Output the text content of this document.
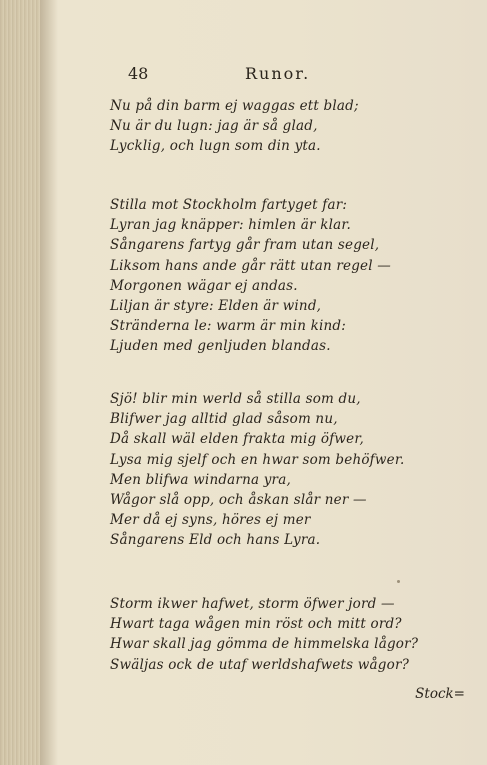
48	Runor.
Nu på din barm ej waggas ett blad;
Nu är du lugn: jag är så glad,
Lycklig, och lugn som din yta.
Stilla mot Stockholm fartyget far:
Lyran jag knäpper: himlen är klar.
Sångarens fartyg går fram utan segel,
Liksom hans ande går rätt utan regel —
Morgonen wägar ej andas.
Liljan är styre: Elden är wind,
Stränderna le: warm är min kind:
Ljuden med genljuden blandas.
Sjö! blir min werld så stilla som du,
Blifwer jag alltid glad såsom nu,
Då skall wäl elden frakta mig öfwer,
Lysa mig sjelf och en hwar som behöfwer.
Men blifwa windarna yra,
Wågor slå opp, och åskan slår ner —
Mer då ej syns, höres ej mer
Sångarens Eld och hans Lyra.
Storm ikwer hafwet, storm öfwer jord —
Hwart taga wågen min röst och mitt ord?
Hwar skall jag gömma de himmelska lågor?
Swäljas ock de utaf werldshafwets wågor?
Stock=
